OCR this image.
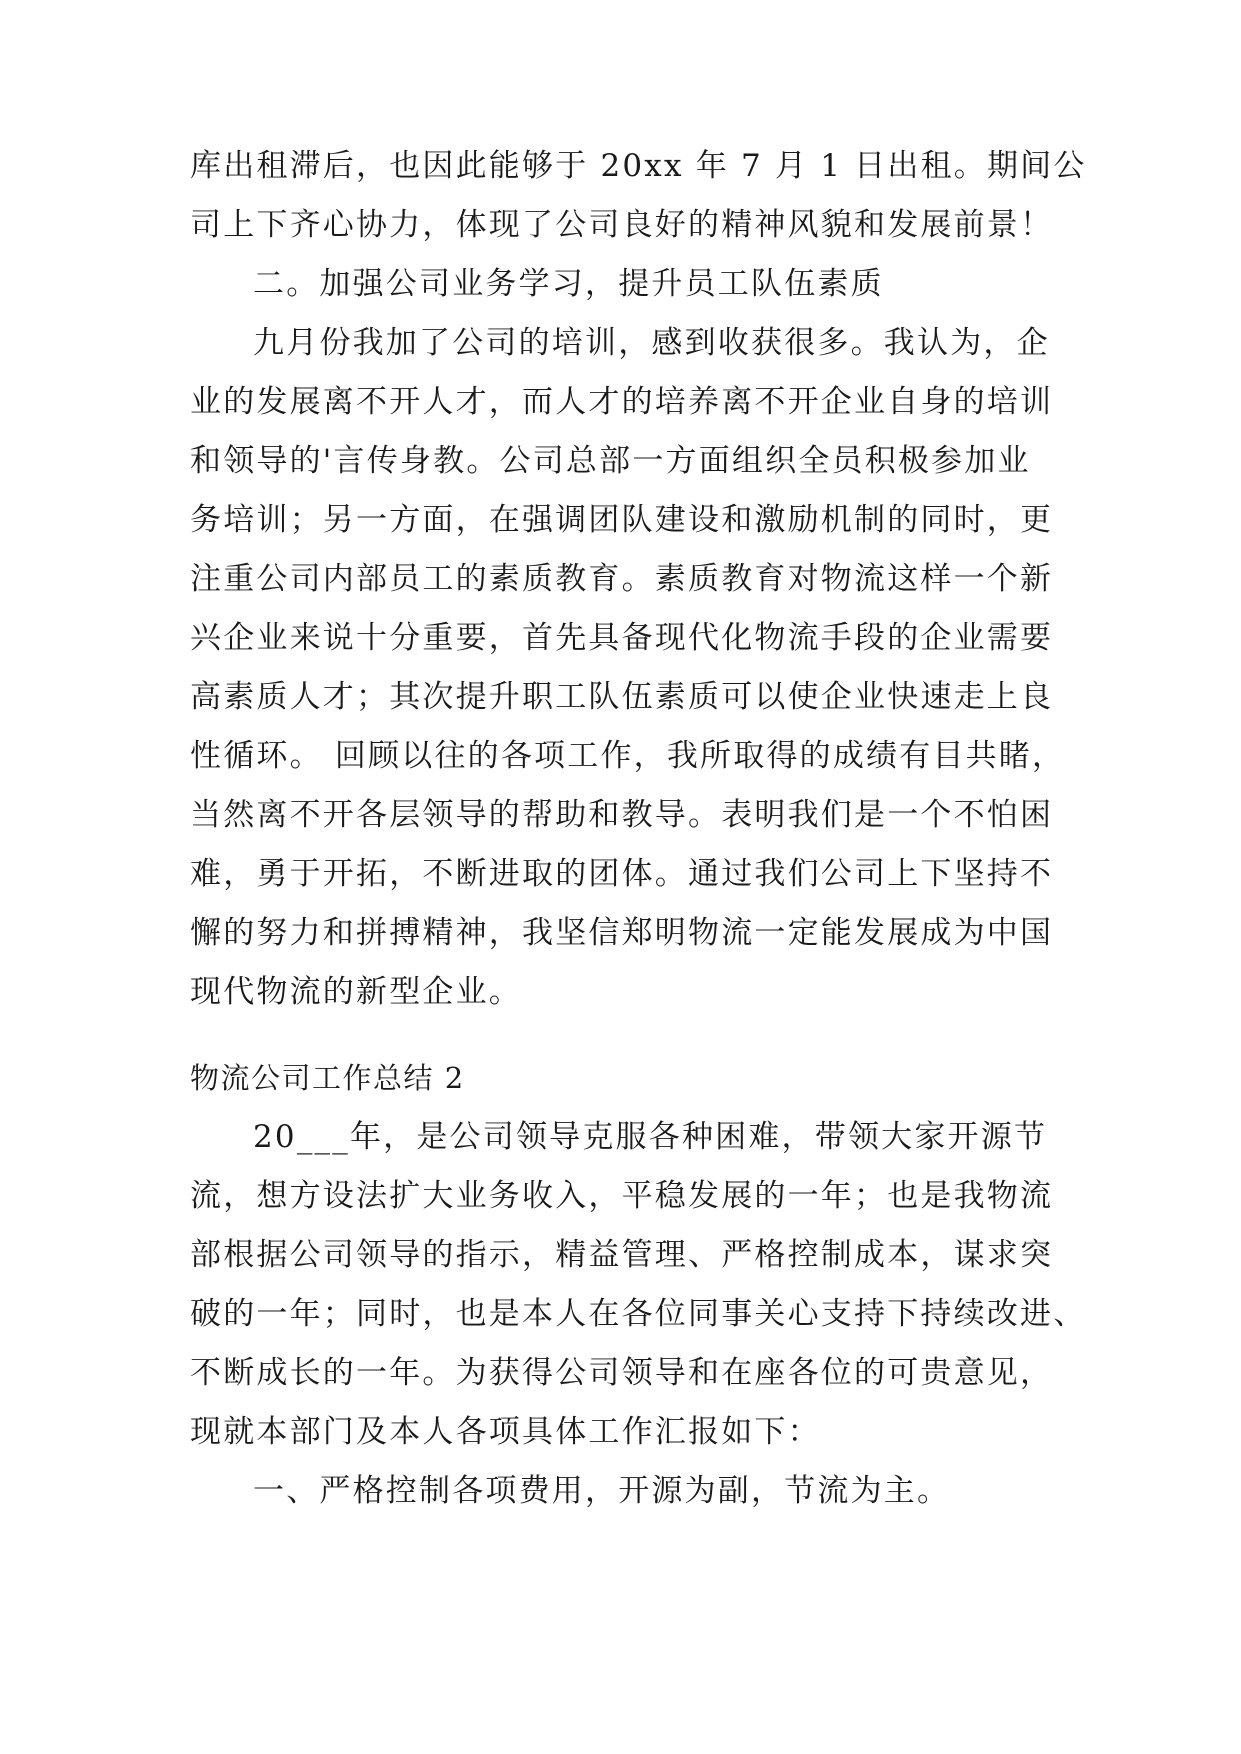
库出租滞后，也因此能够于 20xx 年 7 月 1 日出租。期间公
司上下齐心协力，体现了公司良好的精神风貌和发展前景！
二。加强公司业务学习，提升员工队伍素质
九月份我加了公司的培训，感到收获很多。我认为，企
业的发展离不开人才，而人才的培养离不开企业自身的培训
和领导的'言传身教。公司总部一方面组织全员积极参加业
务培训；另一方面，在强调团队建设和激励机制的同时，更
注重公司内部员工的素质教育。素质教育对物流这样一个新
兴企业来说十分重要，首先具备现代化物流手段的企业需要
高素质人才；其次提升职工队伍素质可以使企业快速走上良
性循环。 回顾以往的各项工作，我所取得的成绩有目共睹，
当然离不开各层领导的帮助和教导。表明我们是一个不怕困
难，勇于开拓，不断进取的团体。通过我们公司上下坚持不
懈的努力和拼搏精神，我坚信郑明物流一定能发展成为中国
现代物流的新型企业。
物流公司工作总结 2
20___年，是公司领导克服各种困难，带领大家开源节
流，想方设法扩大业务收入，平稳发展的一年；也是我物流
部根据公司领导的指示，精益管理、严格控制成本，谋求突
破的一年；同时，也是本人在各位同事关心支持下持续改进、
不断成长的一年。为获得公司领导和在座各位的可贵意见，
现就本部门及本人各项具体工作汇报如下：
一、严格控制各项费用，开源为副，节流为主。
